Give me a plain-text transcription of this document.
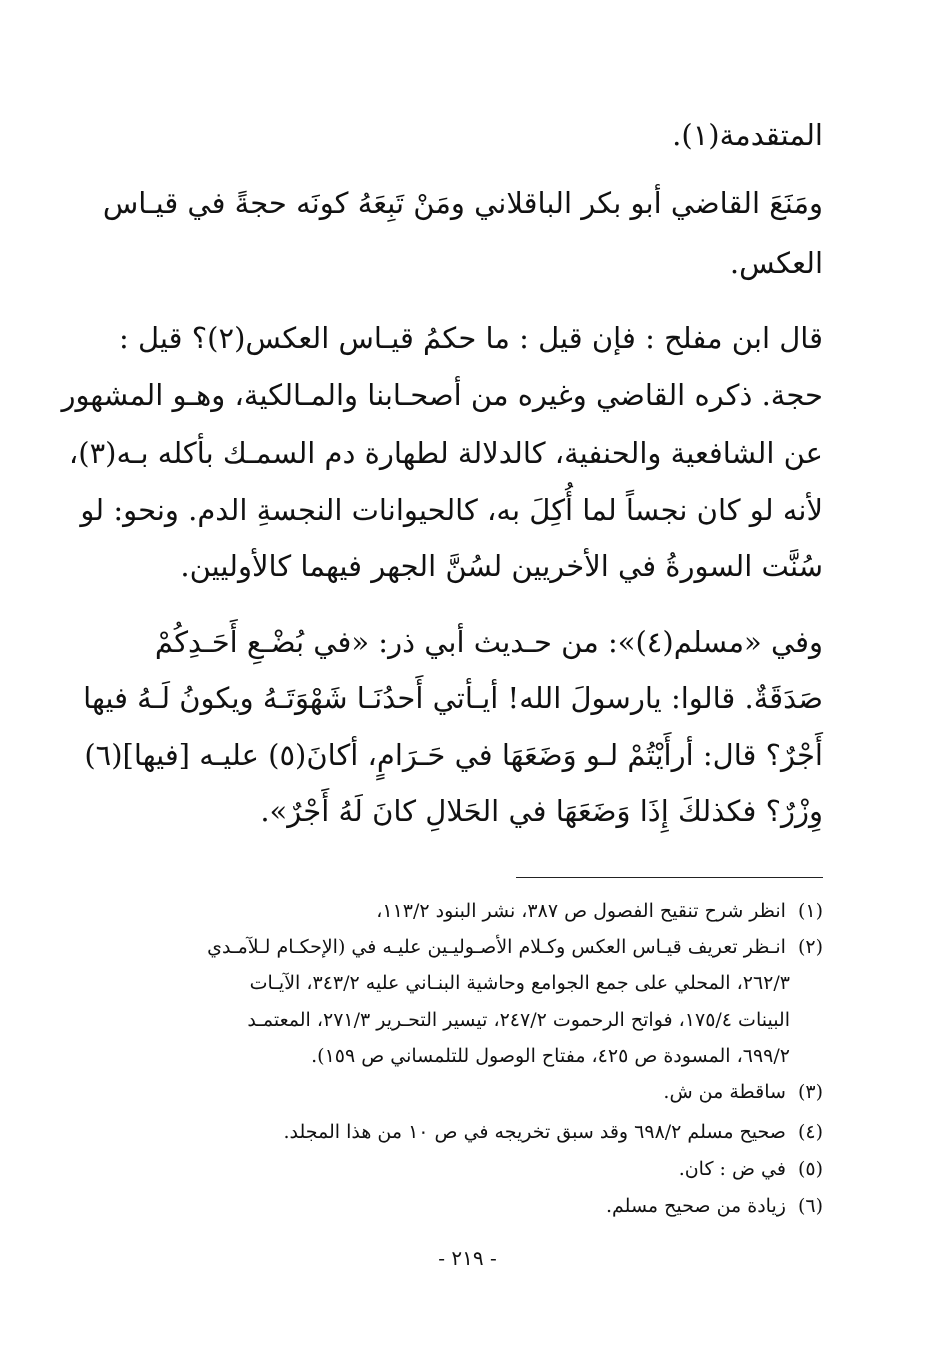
المتقدمة(١).
ومَنَعَ القاضي أبو بكر الباقلاني ومَنْ تَبِعَهُ كونَه حجةً في قيـاس
العكس.
قال ابن مفلح : فإن قيل : ما حكمُ قيـاس العكس(٢)؟ قيل :
حجة. ذكره القاضي وغيره من أصحـابنا والمـالكية، وهـو المشهور
عن الشافعية والحنفية، كالدلالة لطهارة دم السمـك بأكله بـه(٣)،
لأنه لو كان نجساً لما أُكِلَ به، كالحيوانات النجسةِ الدم. ونحو: لو
سُنَّت السورةُ في الأخريين لسُنَّ الجهر فيهما كالأوليين.
وفي «مسلم(٤)»: من حـديث أبي ذر: «في بُضْـعِ أَحَـدِكُمْ
صَدَقَةٌ. قالوا: يارسولَ الله! أيـأتي أَحدُنَـا شَهْوَتَـهُ ويكونُ لَـهُ فيها
أَجْرٌ؟ قال: أرأَيْتُمْ لـو وَضَعَهَا في حَـرَامٍ، أكانَ(٥) عليـه [فيها](٦)
وِزْرٌ؟ فكذلكَ إِذَا وَضَعَهَا في الحَلالِ كانَ لَهُ أَجْرٌ».
(١)انظر شرح تنقيح الفصول ص ٣٨٧، نشر البنود ١١٣/٢،
(٢)انـظر تعريف قيـاس العكس وكـلام الأصـوليـين عليـه في (الإحكـام لـلآمـدي
٢٦٢/٣، المحلي على جمع الجوامع وحاشية البنـاني عليه ٣٤٣/٢، الآيـات
البينات ١٧٥/٤، فواتح الرحموت ٢٤٧/٢، تيسير التحـرير ٢٧١/٣، المعتمـد
٦٩٩/٢، المسودة ص ٤٢٥، مفتاح الوصول للتلمساني ص ١٥٩).
(٣)ساقطة من ش.
(٤)صحيح مسلم ٦٩٨/٢ وقد سبق تخريجه في ص ١٠ من هذا المجلد.
(٥)في ض : كان.
(٦)زيادة من صحيح مسلم.
- ٢١٩ -
